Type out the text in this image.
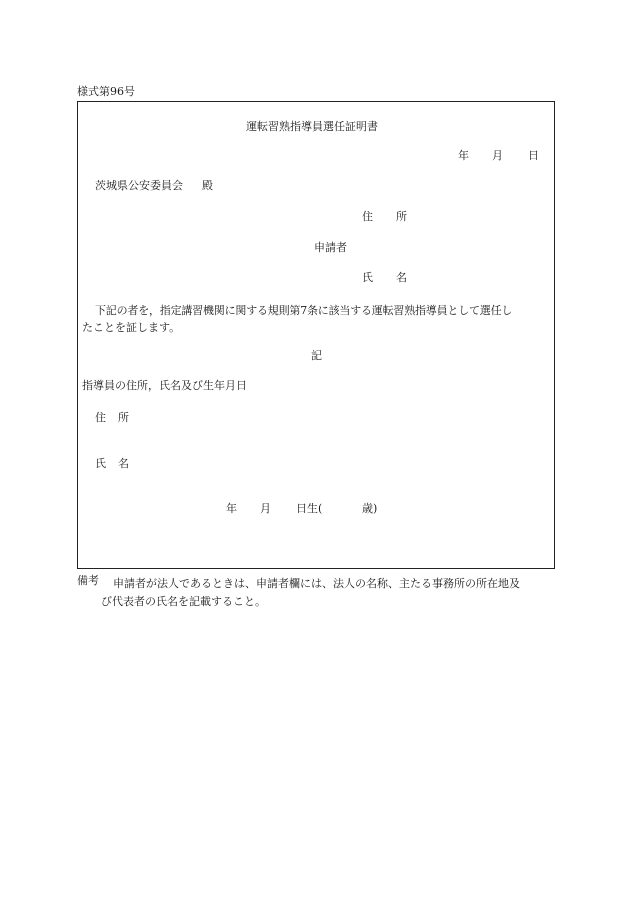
様式第96号
運転習熟指導員選任証明書
年 月 日
茨城県公安委員会 殿
住 所
申請者
氏 名
下記の者を，指定講習機関に関する規則第7条に該当する運転習熟指導員として選任し
たことを証します。
記
指導員の住所，氏名及び生年月日
住 所
氏 名
年 月 日生(	歳)
備考 申請者が法人であるときは、申請者欄には、法人の名称、主たる事務所の所在地及
び代表者の氏名を記載すること。
